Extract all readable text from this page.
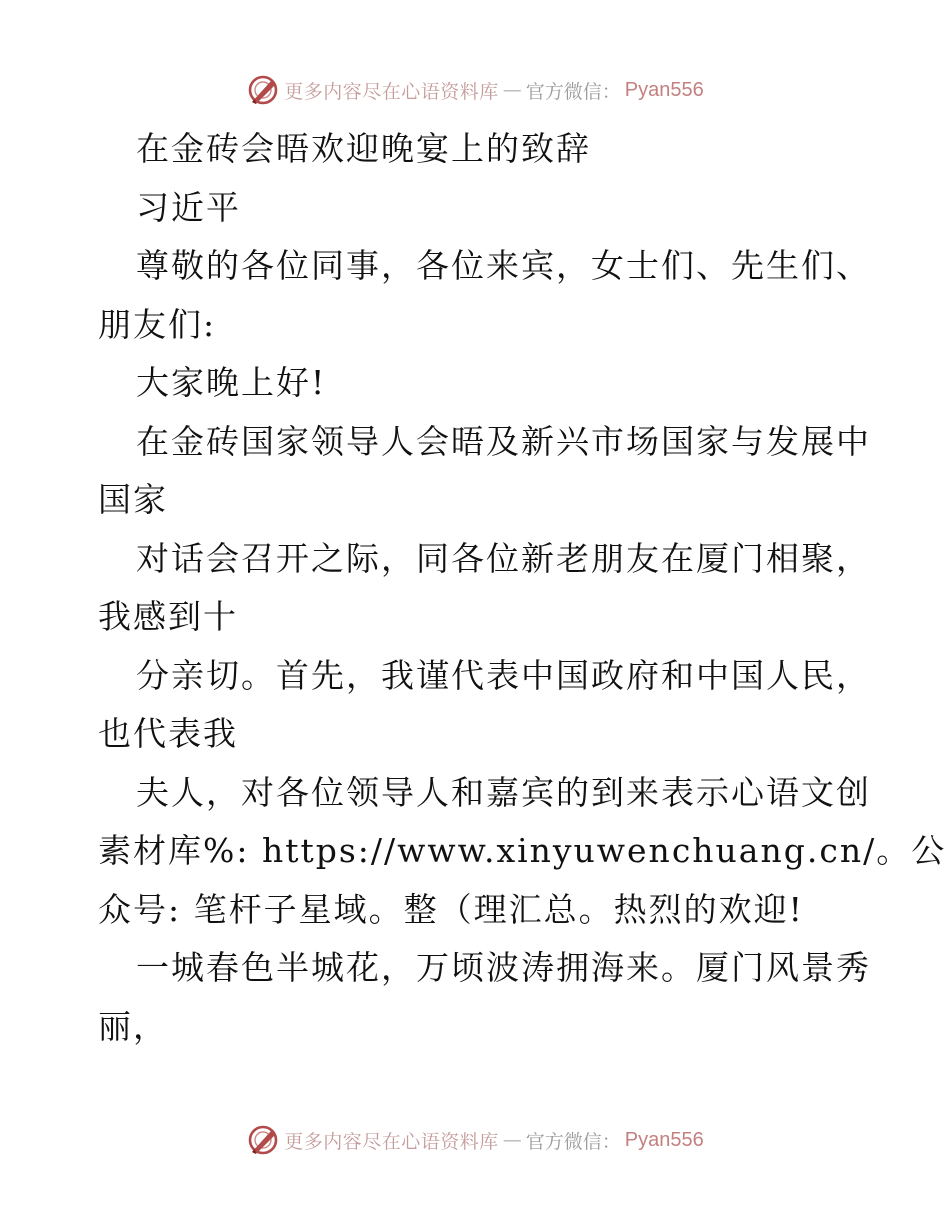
更多内容尽在心语资料库 — 官方微信： Pyan556
在金砖会晤欢迎晚宴上的致辞
习近平
尊敬的各位同事，各位来宾，女士们、先生们、
朋友们:
大家晚上好!
在金砖国家领导人会晤及新兴市场国家与发展中
国家
对话会召开之际，同各位新老朋友在厦门相聚，
我感到十
分亲切。首先，我谨代表中国政府和中国人民，
也代表我
夫人，对各位领导人和嘉宾的到来表示心语文创
素材库%: https://www.xinyuwenchuang.cn/。公
众号: 笔杆子星域。整（理汇总。热烈的欢迎!
一城春色半城花，万顷波涛拥海来。厦门风景秀
丽，
更多内容尽在心语资料库 — 官方微信： Pyan556
